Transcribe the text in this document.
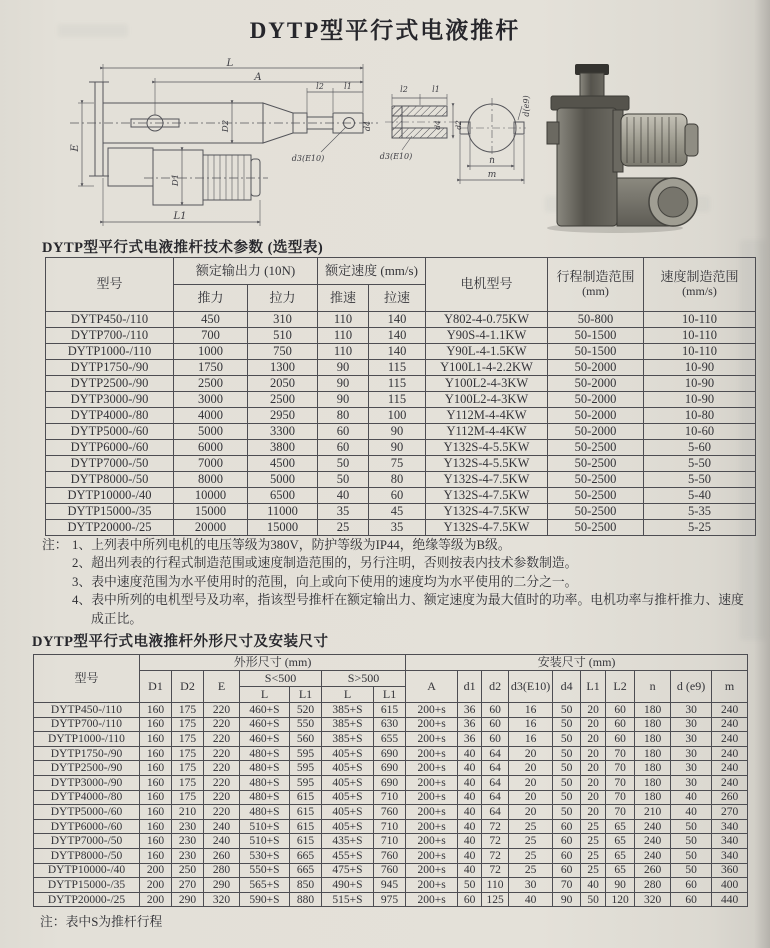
DYTP型平行式电液推杆
L
A
l2	l1
E
D2
D1
L1
d4
d3(E10)
l2	l1
d4 d2
d3(E10)
d(e9)
n
m
DYTP型平行式电液推杆技术参数 (选型表)
型号	额定输出力 (10N)	额定速度 (mm/s)	电机型号	行程制造范围
(mm)

速度制造范围
(mm/s)

	推力	拉力	推速	拉速			
DYTP450-/110	450	310	110	140	Y802-4-0.75KW	50-800	10-110
DYTP700-/110	700	510	110	140	Y90S-4-1.1KW	50-1500	10-110
DYTP1000-/110	1000	750	110	140	Y90L-4-1.5KW	50-1500	10-110
DYTP1750-/90	1750	1300	90	115	Y100L1-4-2.2KW	50-2000	10-90
DYTP2500-/90	2500	2050	90	115	Y100L2-4-3KW	50-2000	10-90
DYTP3000-/90	3000	2500	90	115	Y100L2-4-3KW	50-2000	10-90
DYTP4000-/80	4000	2950	80	100	Y112M-4-4KW	50-2000	10-80
DYTP5000-/60	5000	3300	60	90	Y112M-4-4KW	50-2000	10-60
DYTP6000-/60	6000	3800	60	90	Y132S-4-5.5KW	50-2500	5-60
DYTP7000-/50	7000	4500	50	75	Y132S-4-5.5KW	50-2500	5-50
DYTP8000-/50	8000	5000	50	80	Y132S-4-7.5KW	50-2500	5-50
DYTP10000-/40	10000	6500	40	60	Y132S-4-7.5KW	50-2500	5-40
DYTP15000-/35	15000	11000	35	45	Y132S-4-7.5KW	50-2500	5-35
DYTP20000-/25	20000	15000	25	35	Y132S-4-7.5KW	50-2500	5-25
注： 1、上列表中所列电机的电压等级为380V，防护等级为IP44，绝缘等级为B级。
2、超出列表的行程式制造范围或速度制造范围的，另行注明，否则按表内技术参数制造。
3、表中速度范围为水平使用时的范围，向上或向下使用的速度均为水平使用的二分之一。
4、表中所列的电机型号及功率，指该型号推杆在额定输出力、额定速度为最大值时的功率。电机功率与推杆推力、速度成正比。
DYTP型平行式电液推杆外形尺寸及安装尺寸
型号	外形尺寸 (mm)							安装尺寸 (mm)									
	D1	D2	E	S<500		S>500		A	d1	d2	d3(E10)	d4	L1	L2	n	d (e9)	m
				L	L1	L	L1										
DYTP450-/110	160	175	220	460+S	520	385+S	615	200+s	36	60	16	50	20	60	180	30	240
DYTP700-/110	160	175	220	460+S	550	385+S	630	200+s	36	60	16	50	20	60	180	30	240
DYTP1000-/110	160	175	220	460+S	560	385+S	655	200+s	36	60	16	50	20	60	180	30	240
DYTP1750-/90	160	175	220	480+S	595	405+S	690	200+s	40	64	20	50	20	70	180	30	240
DYTP2500-/90	160	175	220	480+S	595	405+S	690	200+s	40	64	20	50	20	70	180	30	240
DYTP3000-/90	160	175	220	480+S	595	405+S	690	200+s	40	64	20	50	20	70	180	30	240
DYTP4000-/80	160	175	220	480+S	615	405+S	710	200+s	40	64	20	50	20	70	180	40	260
DYTP5000-/60	160	210	220	480+S	615	405+S	760	200+s	40	64	20	50	20	70	210	40	270
DYTP6000-/60	160	230	240	510+S	615	405+S	710	200+s	40	72	25	60	25	65	240	50	340
DYTP7000-/50	160	230	240	510+S	615	435+S	710	200+s	40	72	25	60	25	65	240	50	340
DYTP8000-/50	160	230	260	530+S	665	455+S	760	200+s	40	72	25	60	25	65	240	50	340
DYTP10000-/40	200	250	280	550+S	665	475+S	760	200+s	40	72	25	60	25	65	260	50	360
DYTP15000-/35	200	270	290	565+S	850	490+S	945	200+s	50	110	30	70	40	90	280	60	400
DYTP20000-/25	200	290	320	590+S	880	515+S	975	200+s	60	125	40	90	50	120	320	60	440
注：表中S为推杆行程
